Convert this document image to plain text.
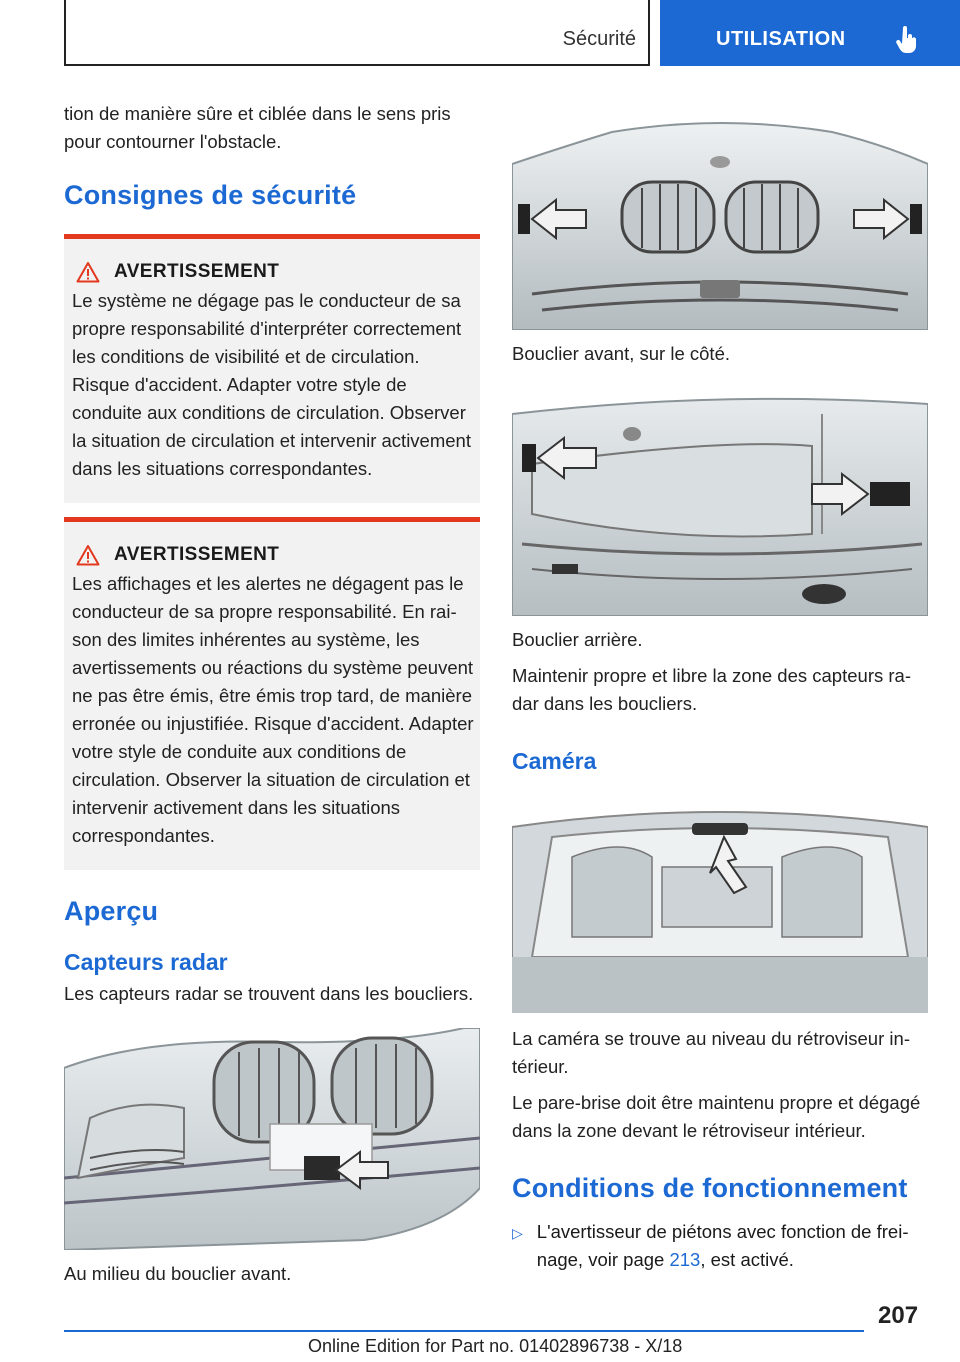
Sécurité	UTILISATION

tion de manière sûre et ciblée dans le sens pris pour contourner l'obstacle.

Consignes de sécurité
AVERTISSEMENT

Le système ne dégage pas le conducteur de sa propre responsabilité d'interpréter correctement les conditions de visibilité et de circulation. Risque d'accident. Adapter votre style de conduite aux conditions de circulation. Observer la situation de circulation et intervenir activement dans les situations correspondantes.

AVERTISSEMENT

Les affichages et les alertes ne dégagent pas le conducteur de sa propre responsabilité. En raison des limites inhérentes au système, les avertissements ou réactions du système peuvent ne pas être émis, être émis trop tard, de manière erronée ou injustifiée. Risque d'accident. Adapter votre style de conduite aux conditions de circulation. Observer la situation de circulation et intervenir activement dans les situations correspondantes.

Aperçu
Capteurs radar

Les capteurs radar se trouvent dans les boucliers.

Au milieu du bouclier avant.

Bouclier avant, sur le côté.

Bouclier arrière.

Maintenir propre et libre la zone des capteurs radar dans les boucliers.

Caméra

La caméra se trouve au niveau du rétroviseur intérieur.

Le pare-brise doit être maintenu propre et dégagé dans la zone devant le rétroviseur intérieur.

Conditions de fonctionnement
▷ L'avertisseur de piétons avec fonction de freinage, voir page 213, est activé.
207
Online Edition for Part no. 01402896738 - X/18
